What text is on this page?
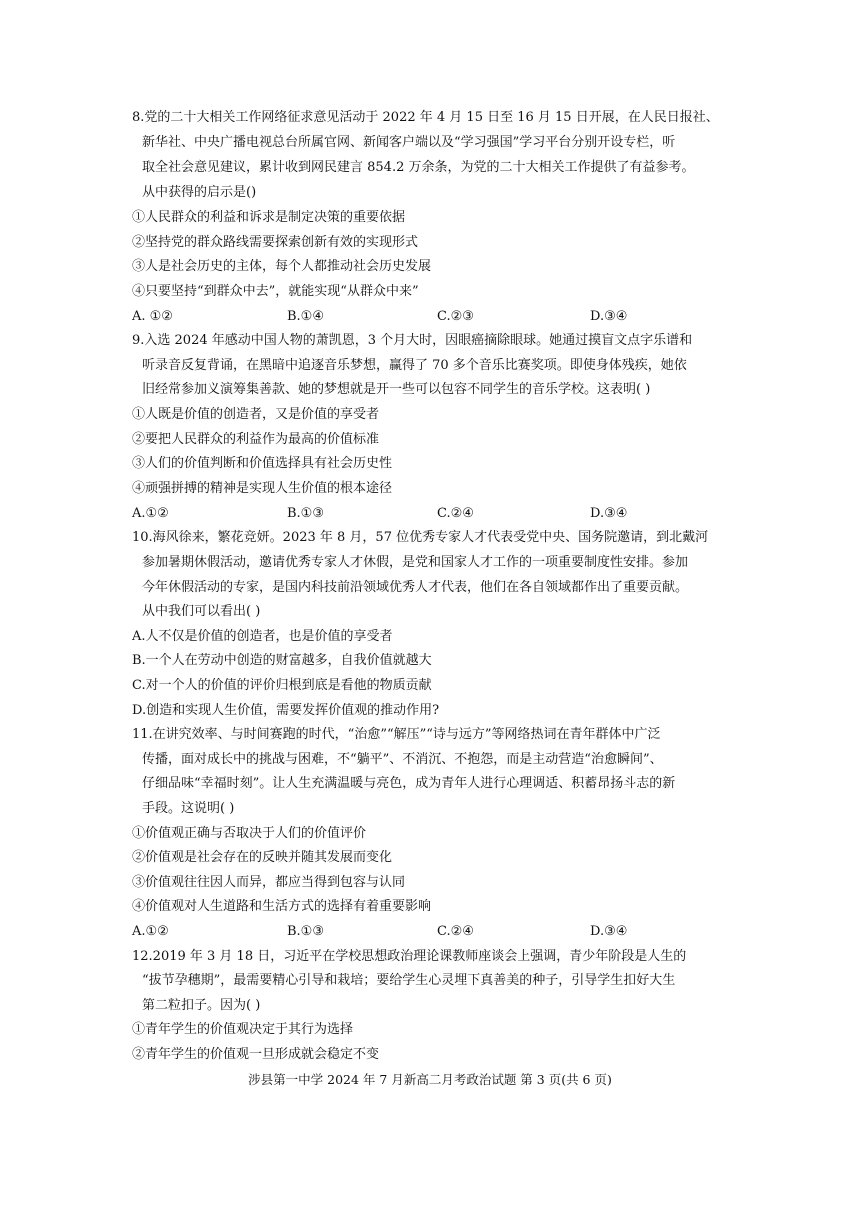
8.党的二十大相关工作网络征求意见活动于 2022 年 4 月 15 日至 16 月 15 日开展，在人民日报社、
新华社、中央广播电视总台所属官网、新闻客户端以及“学习强国”学习平台分别开设专栏，听
取全社会意见建议，累计收到网民建言 854.2 万余条，为党的二十大相关工作提供了有益参考。
从中获得的启示是()
①人民群众的利益和诉求是制定决策的重要依据
②坚持党的群众路线需要探索创新有效的实现形式
③人是社会历史的主体，每个人都推动社会历史发展
④只要坚持“到群众中去”，就能实现“从群众中来”
A. ①②	B.①④	C.②③	D.③④
9.入选 2024 年感动中国人物的萧凯恩，3 个月大时，因眼癌摘除眼球。她通过摸盲文点字乐谱和
听录音反复背诵，在黑暗中追逐音乐梦想，赢得了 70 多个音乐比赛奖项。即使身体残疾，她依
旧经常参加义演筹集善款、她的梦想就是开一些可以包容不同学生的音乐学校。这表明( )
①人既是价值的创造者，又是价值的享受者
②要把人民群众的利益作为最高的价值标准
③人们的价值判断和价值选择具有社会历史性
④顽强拼搏的精神是实现人生价值的根本途径
A.①②	B.①③	C.②④	D.③④
10.海风徐来，繁花竞妍。2023 年 8 月，57 位优秀专家人才代表受党中央、国务院邀请，到北戴河
参加暑期休假活动，邀请优秀专家人才休假，是党和国家人才工作的一项重要制度性安排。参加
今年休假活动的专家，是国内科技前沿领域优秀人才代表，他们在各自领域都作出了重要贡献。
从中我们可以看出( )
A.人不仅是价值的创造者，也是价值的享受者
B.一个人在劳动中创造的财富越多，自我价值就越大
C.对一个人的价值的评价归根到底是看他的物质贡献
D.创造和实现人生价值，需要发挥价值观的推动作用?
11.在讲究效率、与时间赛跑的时代，“治愈”“解压”“诗与远方”等网络热词在青年群体中广泛
传播，面对成长中的挑战与困难，不“躺平”、不消沉、不抱怨，而是主动营造“治愈瞬间”、
仔细品味“幸福时刻”。让人生充满温暖与亮色，成为青年人进行心理调适、积蓄昂扬斗志的新
手段。这说明( )
①价值观正确与否取决于人们的价值评价
②价值观是社会存在的反映并随其发展而变化
③价值观往往因人而异，都应当得到包容与认同
④价值观对人生道路和生活方式的选择有着重要影响
A.①②	B.①③	C.②④	D.③④
12.2019 年 3 月 18 日，习近平在学校思想政治理论课教师座谈会上强调，青少年阶段是人生的
“拔节孕穗期”，最需要精心引导和栽培；要给学生心灵埋下真善美的种子，引导学生扣好大生
第二粒扣子。因为( )
①青年学生的价值观决定于其行为选择
②青年学生的价值观一旦形成就会稳定不变
涉县第一中学 2024 年 7 月新高二月考政治试题 第 3 页(共 6 页)
